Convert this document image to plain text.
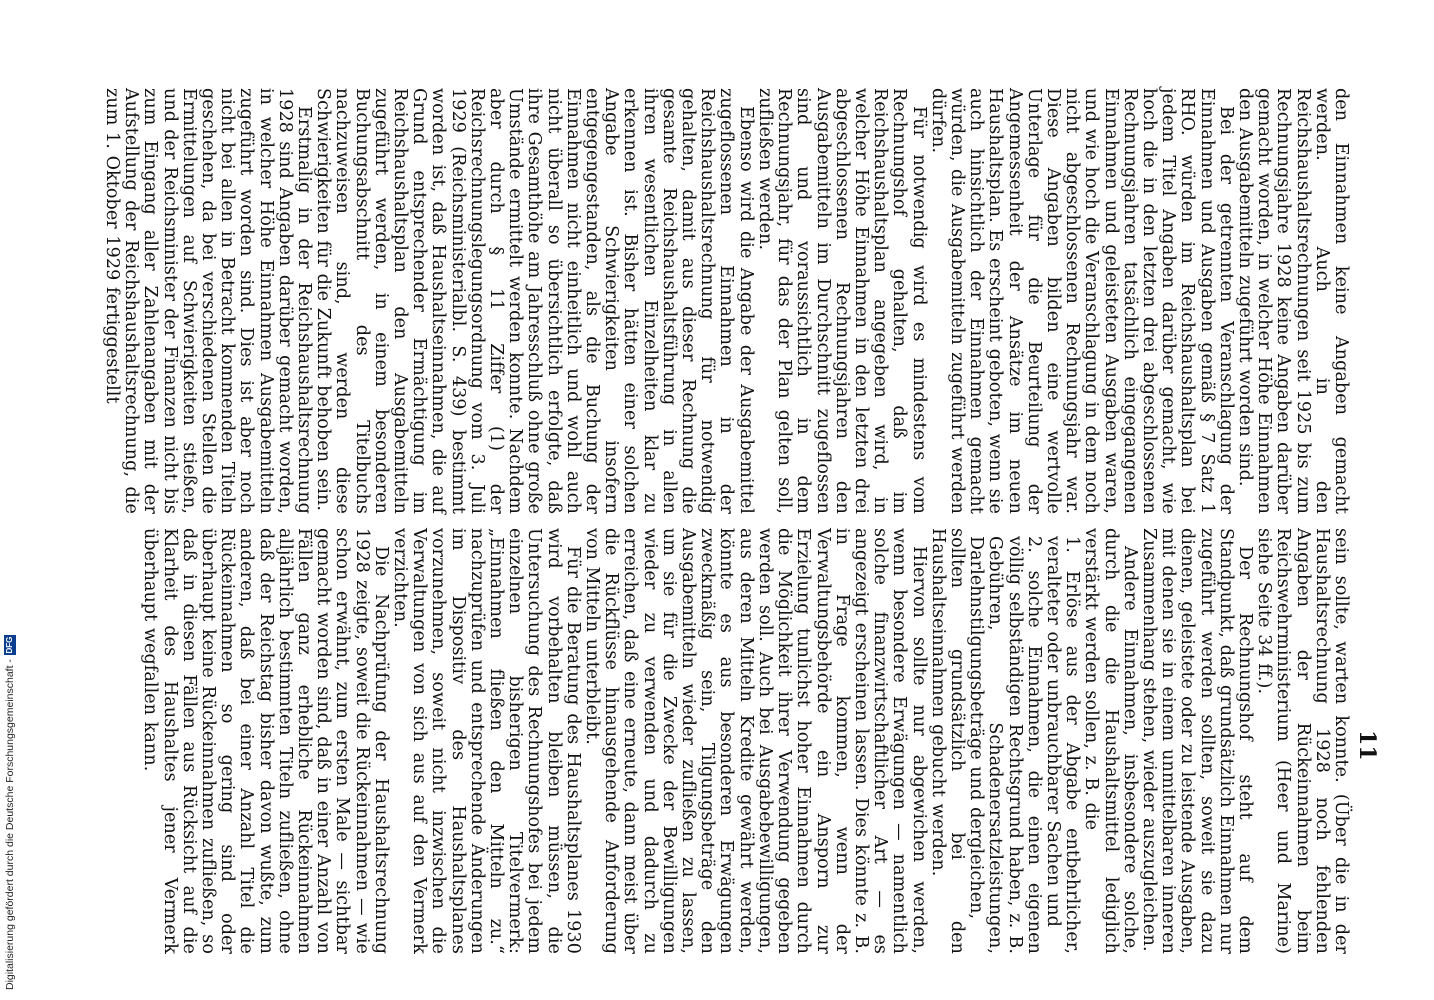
11

den Einnahmen keine Angaben gemacht werden. Auch in den Reichshaushaltsrechnungen seit 1925 bis zum Rechnungsjahre 1928 keine Angaben darüber gemacht worden, in welcher Höhe Einnahmen den Ausgabemitteln zugeführt worden sind.

Bei der getrennten Veranschlagung der Einnahmen und Ausgaben gemäß § 7 Satz 1 RHO. würden im Reichshaushaltsplan bei jedem Titel Angaben darüber gemacht, wie hoch die in den letzten drei abgeschlossenen Rechnungsjahren tatsächlich eingegangenen Einnahmen und geleisteten Ausgaben waren, und wie hoch die Veranschlagung in dem noch nicht abgeschlossenen Rechnungsjahr war. Diese Angaben bilden eine wertvolle Unterlage für die Beurteilung der Angemessenheit der Ansätze im neuen Haushaltsplan. Es erscheint geboten, wenn sie auch hinsichtlich der Einnahmen gemacht würden, die Ausgabemitteln zugeführt werden dürfen.

Für notwendig wird es mindestens vom Rechnungshof gehalten, daß im Reichshaushaltsplan angegeben wird, in welcher Höhe Einnahmen in den letzten drei abgeschlossenen Rechnungsjahren den Ausgabemitteln im Durchschnitt zugeflossen sind und voraussichtlich in dem Rechnungsjahr, für das der Plan gelten soll, zufließen werden.

Ebenso wird die Angabe der Ausgabemittel zugeflossenen Einnahmen in der Reichshaushaltsrechnung für notwendig gehalten, damit aus dieser Rechnung die gesamte Reichshaushaltsführung in allen ihren wesentlichen Einzelheiten klar zu erkennen ist. Bisher hätten einer solchen Angabe Schwierigkeiten insofern entgegengestanden, als die Buchung der Einnahmen nicht einheitlich und wohl auch nicht überall so übersichtlich erfolgte, daß ihre Gesamthöhe am Jahresschluß ohne große Umstände ermittelt werden konnte. Nachdem aber durch § 11 Ziffer (1) der Reichsrechnungslegungsordnung vom 3. Juli 1929 (Reichsministerialbl. S. 439) bestimmt worden ist, daß Haushaltseinnahmen, die auf Grund entsprechender Ermächtigung im Reichshaushaltsplan den Ausgabemitteln zugeführt werden, in einem besonderen Buchungsabschnitt des Titelbuchs nachzuweisen sind, werden diese Schwierigkeiten für die Zukunft behoben sein.

Erstmalig in der Reichshaushaltsrechnung 1928 sind Angaben darüber gemacht worden, in welcher Höhe Einnahmen Ausgabemitteln zugeführt worden sind. Dies ist aber noch nicht bei allen in Betracht kommenden Titeln geschehen, da bei verschiedenen Stellen die Ermittelungen auf Schwierigkeiten stießen, und der Reichsminister der Finanzen nicht bis zum Eingang aller Zahlenangaben mit der Aufstellung der Reichshaushaltsrechnung, die zum 1. Oktober 1929 fertiggestellt

sein sollte, warten konnte. (Über die in der Haushaltsrechnung 1928 noch fehlenden Angaben der Rückeinnahmen beim Reichswehrministerium (Heer und Marine) siehe Seite 34 ff.).

Der Rechnungshof steht auf dem Standpunkt, daß grundsätzlich Einnahmen nur zugeführt werden sollten, soweit sie dazu dienen, geleistete oder zu leistende Ausgaben, mit denen sie in einem unmittelbaren inneren Zusammenhang stehen, wieder auszugleichen.

Andere Einnahmen, insbesondere solche, durch die die Haushaltsmittel lediglich verstärkt werden sollen, z. B. die

1. Erlöse aus der Abgabe entbehrlicher, veralteter oder unbrauchbarer Sachen und
2. solche Einnahmen, die einen eigenen völlig selbständigen Rechtsgrund haben, z. B. Gebühren, Schadenersatzleistungen, Darlehnstilgungsbeträge und dergleichen,

sollten grundsätzlich bei den Haushaltseinnahmen gebucht werden.

Hiervon sollte nur abgewichen werden, wenn besondere Erwägungen — namentlich solche finanzwirtschaftlicher Art — es angezeigt erscheinen lassen. Dies könnte z. B. in Frage kommen, wenn der Verwaltungsbehörde ein Ansporn zur Erzielung tunlichst hoher Einnahmen durch die Möglichkeit ihrer Verwendung gegeben werden soll. Auch bei Ausgabebewilligungen, aus deren Mitteln Kredite gewährt werden, könnte es aus besonderen Erwägungen zweckmäßig sein, Tilgungsbeträge den Ausgabemitteln wieder zufließen zu lassen, um sie für die Zwecke der Bewilligungen wieder zu verwenden und dadurch zu erreichen, daß eine erneute, dann meist über die Rückflüsse hinausgehende Anforderung von Mitteln unterbleibt.

Für die Beratung des Haushaltsplanes 1930 wird vorbehalten bleiben müssen, die Untersuchung des Rechnungshofes bei jedem einzelnen bisherigen Titelvermerk: „Einnahmen fließen den Mitteln zu.“ nachzuprüfen und entsprechende Änderungen im Dispositiv des Haushaltsplanes vorzunehmen, soweit nicht inzwischen die Verwaltungen von sich aus auf den Vermerk verzichten.

Die Nachprüfung der Haushaltsrechnung 1928 zeigte, soweit die Rückeinnahmen — wie schon erwähnt, zum ersten Male — sichtbar gemacht worden sind, daß in einer Anzahl von Fällen ganz erhebliche Rückeinnahmen alljährlich bestimmten Titeln zufließen, ohne daß der Reichstag bisher davon wußte, zum anderen, daß bei einer Anzahl Titel die Rückeinnahmen so gering sind oder überhaupt keine Rückeinnahmen zufließen, so daß in diesen Fällen aus Rücksicht auf die Klarheit des Haushaltes jener Vermerk überhaupt wegfallen kann.

Digitalisierung gefördert durch die Deutsche Forschungsgemeinschaft -
DFG
